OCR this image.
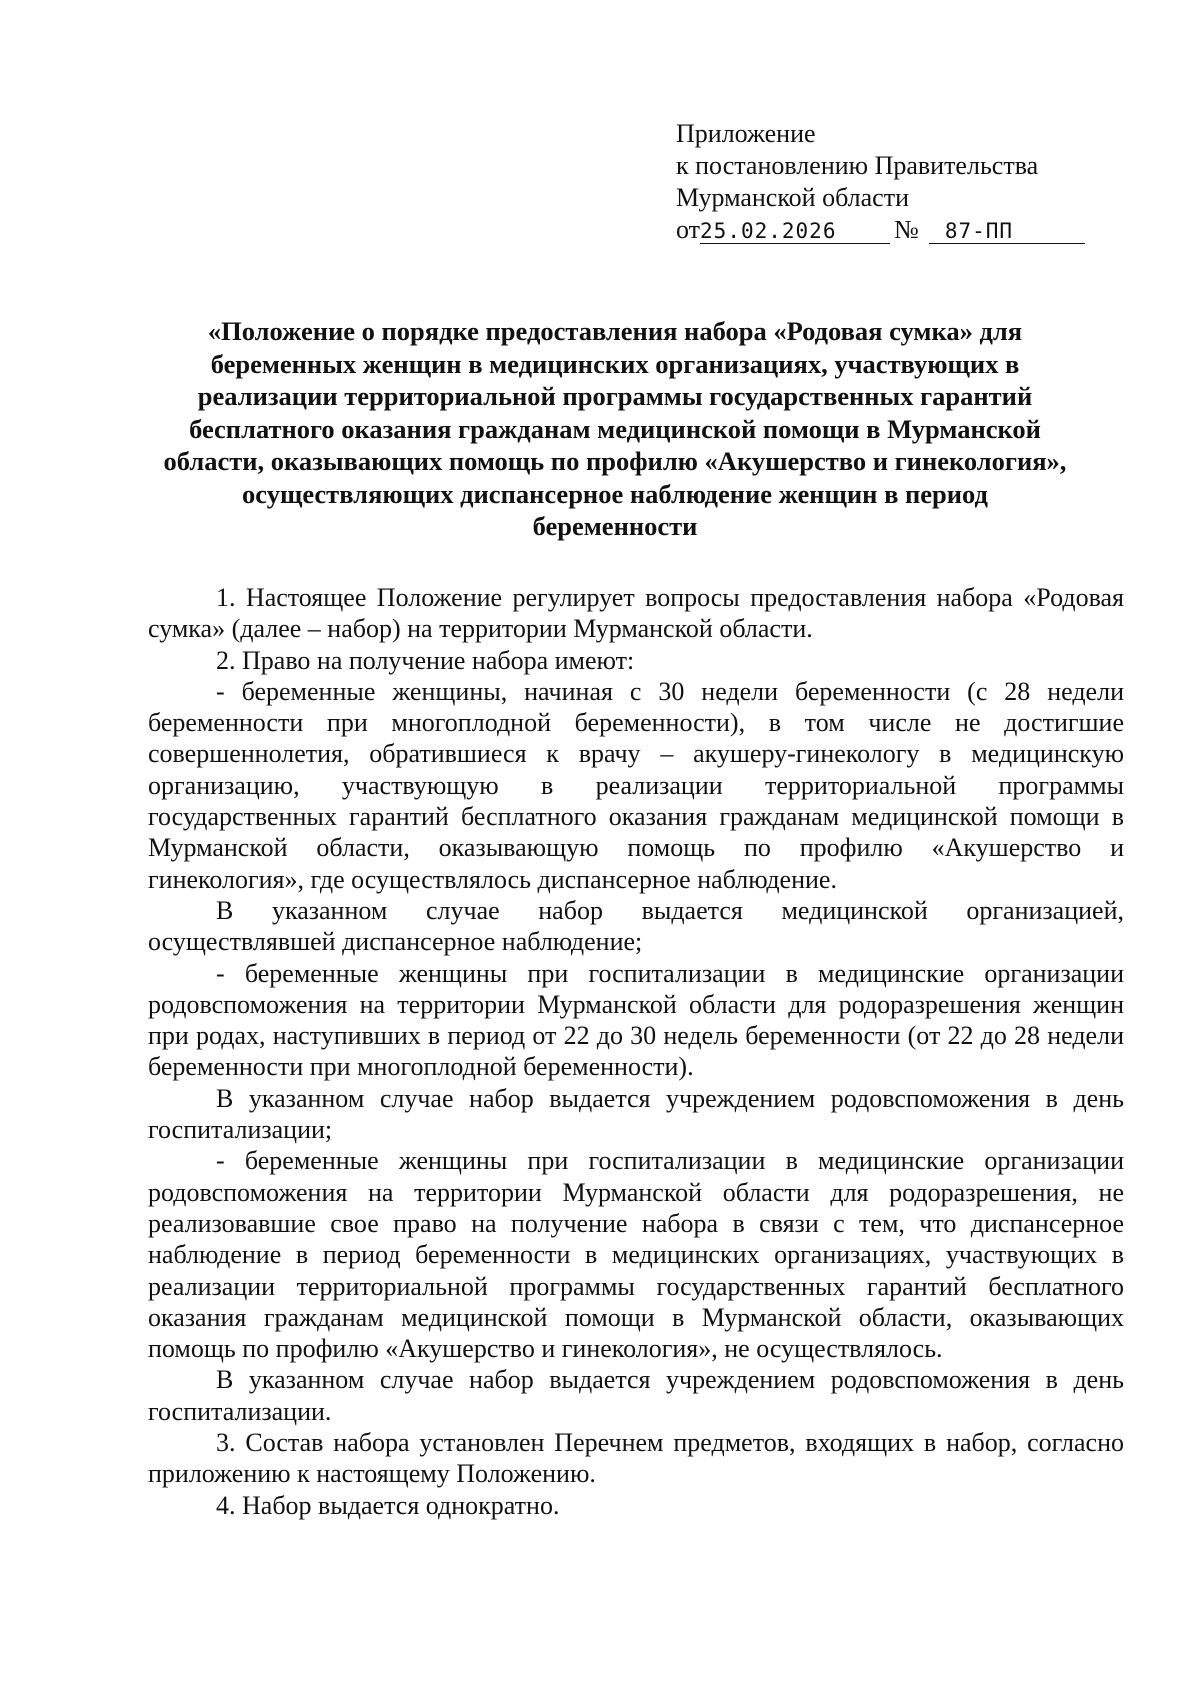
Приложение
к постановлению Правительства
Мурманской области
от 25.02.2026	№	87-ПП
«Положение о порядке предоставления набора «Родовая сумка» для
беременных женщин в медицинских организациях, участвующих в
реализации территориальной программы государственных гарантий
бесплатного оказания гражданам медицинской помощи в Мурманской
области, оказывающих помощь по профилю «Акушерство и гинекология»,
осуществляющих диспансерное наблюдение женщин в период
беременности

1. Настоящее Положение регулирует вопросы предоставления набора «Родовая сумка» (далее – набор) на территории Мурманской области.

2. Право на получение набора имеют:

- беременные женщины, начиная с 30 недели беременности (с 28 недели беременности при многоплодной беременности), в том числе не достигшие совершеннолетия, обратившиеся к врачу – акушеру-гинекологу в медицинскую организацию, участвующую в реализации территориальной программы государственных гарантий бесплатного оказания гражданам медицинской помощи в Мурманской области, оказывающую помощь по профилю «Акушерство и гинекология», где осуществлялось диспансерное наблюдение.

В указанном случае набор выдается медицинской организацией, осуществлявшей диспансерное наблюдение;

- беременные женщины при госпитализации в медицинские организации родовспоможения на территории Мурманской области для родоразрешения женщин при родах, наступивших в период от 22 до 30 недель беременности (от 22 до 28 недели беременности при многоплодной беременности).

В указанном случае набор выдается учреждением родовспоможения в день госпитализации;

- беременные женщины при госпитализации в медицинские организации родовспоможения на территории Мурманской области для родоразрешения, не реализовавшие свое право на получение набора в связи с тем, что диспансерное наблюдение в период беременности в медицинских организациях, участвующих в реализации территориальной программы государственных гарантий бесплатного оказания гражданам медицинской помощи в Мурманской области, оказывающих помощь по профилю «Акушерство и гинекология», не осуществлялось.

В указанном случае набор выдается учреждением родовспоможения в день госпитализации.

3. Состав набора установлен Перечнем предметов, входящих в набор, согласно приложению к настоящему Положению.

4. Набор выдается однократно.
